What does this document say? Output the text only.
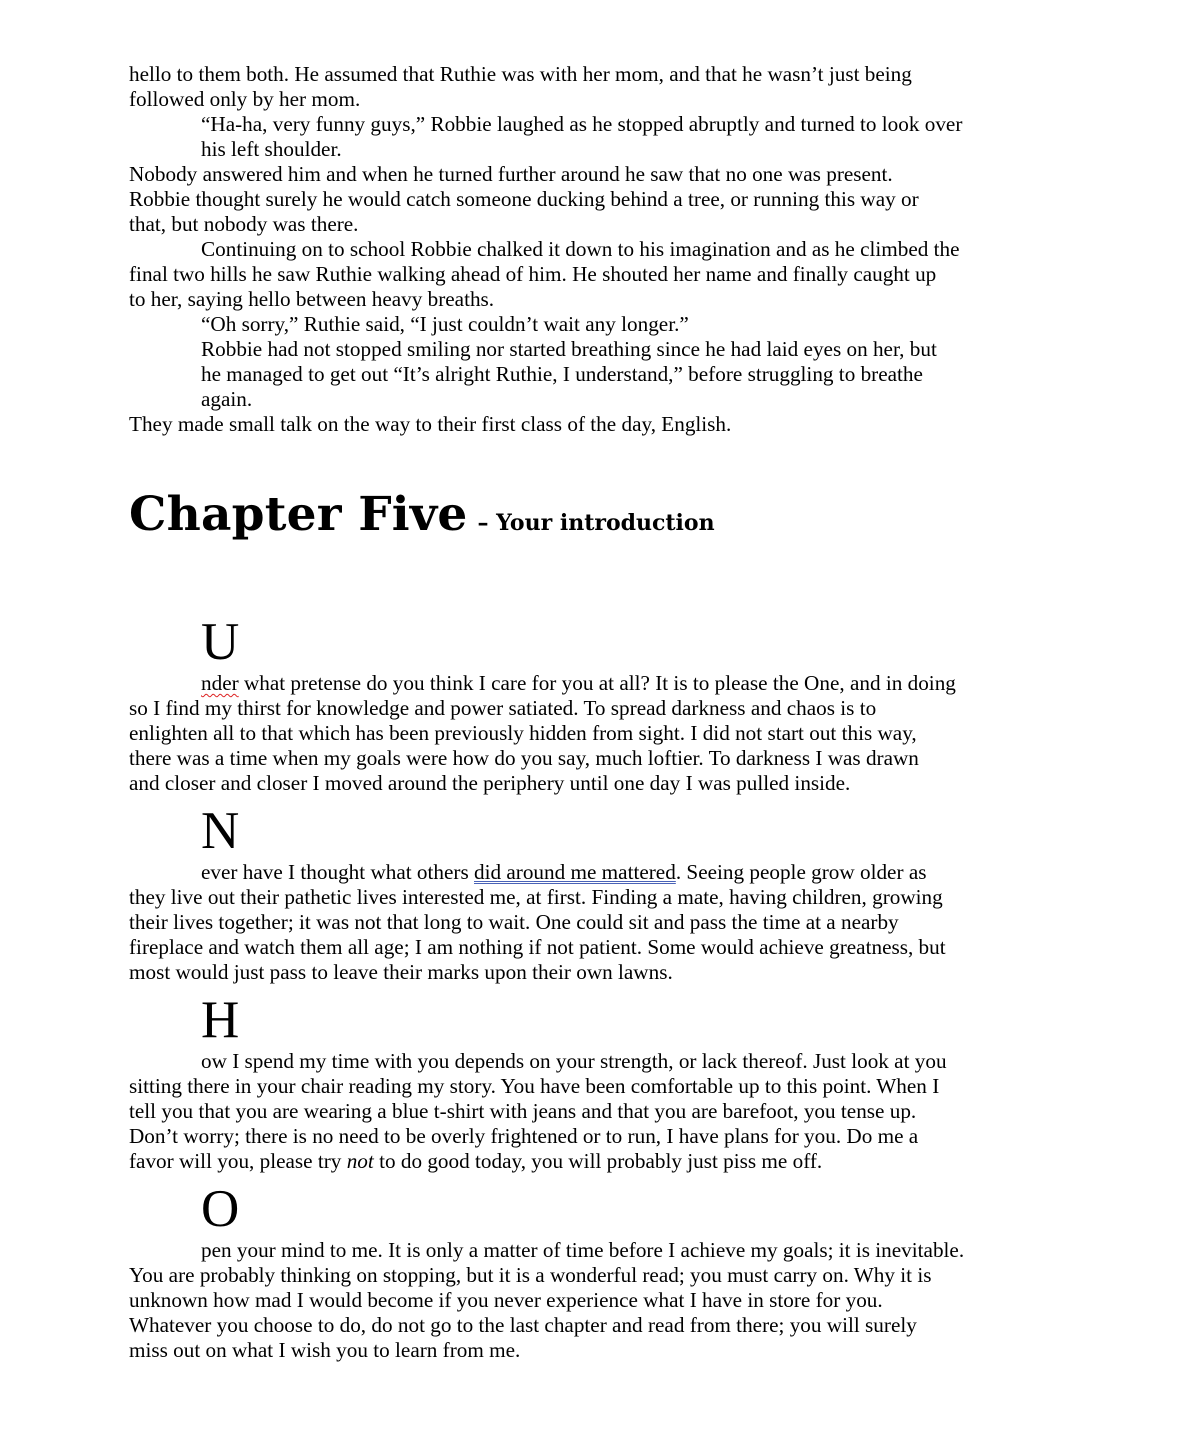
hello to them both. He assumed that Ruthie was with her mom, and that he wasn’t just being
followed only by her mom.
“Ha-ha, very funny guys,” Robbie laughed as he stopped abruptly and turned to look over
his left shoulder.
Nobody answered him and when he turned further around he saw that no one was present.
Robbie thought surely he would catch someone ducking behind a tree, or running this way or
that, but nobody was there.
Continuing on to school Robbie chalked it down to his imagination and as he climbed the
final two hills he saw Ruthie walking ahead of him. He shouted her name and finally caught up
to her, saying hello between heavy breaths.
“Oh sorry,” Ruthie said, “I just couldn’t wait any longer.”
Robbie had not stopped smiling nor started breathing since he had laid eyes on her, but
he managed to get out “It’s alright Ruthie, I understand,” before struggling to breathe
again.
They made small talk on the way to their first class of the day, English.
Chapter Five – Your introduction
U
nder what pretense do you think I care for you at all? It is to please the One, and in doing
so I find my thirst for knowledge and power satiated. To spread darkness and chaos is to
enlighten all to that which has been previously hidden from sight. I did not start out this way,
there was a time when my goals were how do you say, much loftier. To darkness I was drawn
and closer and closer I moved around the periphery until one day I was pulled inside.
N
ever have I thought what others did around me mattered. Seeing people grow older as
they live out their pathetic lives interested me, at first. Finding a mate, having children, growing
their lives together; it was not that long to wait. One could sit and pass the time at a nearby
fireplace and watch them all age; I am nothing if not patient. Some would achieve greatness, but
most would just pass to leave their marks upon their own lawns.
H
ow I spend my time with you depends on your strength, or lack thereof. Just look at you
sitting there in your chair reading my story. You have been comfortable up to this point. When I
tell you that you are wearing a blue t-shirt with jeans and that you are barefoot, you tense up.
Don’t worry; there is no need to be overly frightened or to run, I have plans for you. Do me a
favor will you, please try not to do good today, you will probably just piss me off.
O
pen your mind to me. It is only a matter of time before I achieve my goals; it is inevitable.
You are probably thinking on stopping, but it is a wonderful read; you must carry on. Why it is
unknown how mad I would become if you never experience what I have in store for you.
Whatever you choose to do, do not go to the last chapter and read from there; you will surely
miss out on what I wish you to learn from me.
